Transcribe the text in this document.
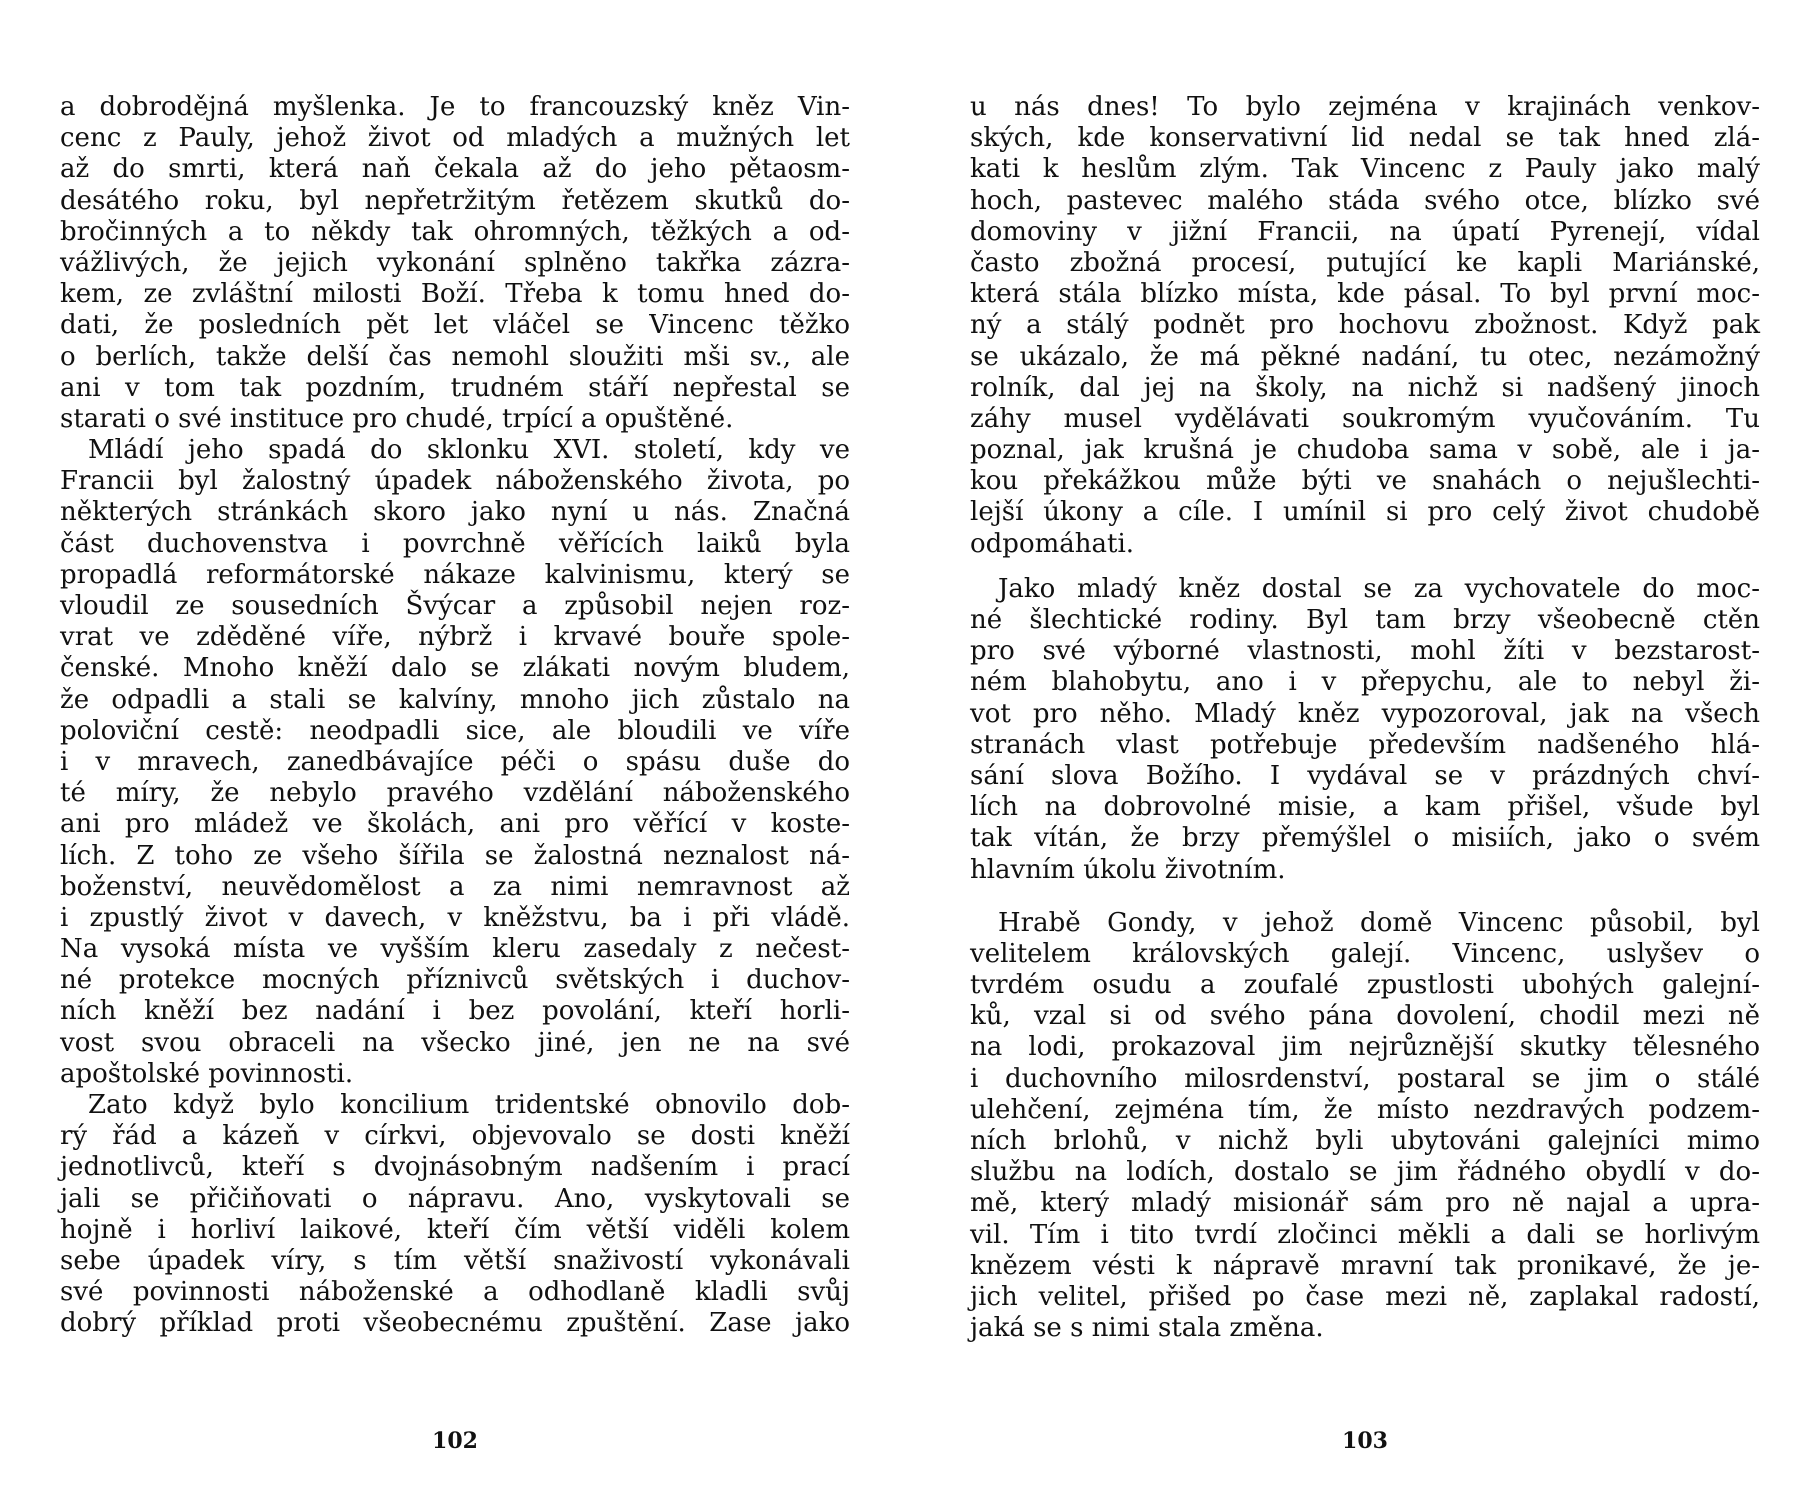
a dobrodějná myšlenka. Je to francouzský kněz Vin-
cenc z Pauly, jehož život od mladých a mužných let
až do smrti, která naň čekala až do jeho pětaosm-
desátého roku, byl nepřetržitým řetězem skutků do-
bročinných a to někdy tak ohromných, těžkých a od-
vážlivých, že jejich vykonání splněno takřka zázra-
kem, ze zvláštní milosti Boží. Třeba k tomu hned do-
dati, že posledních pět let vláčel se Vincenc těžko
o berlích, takže delší čas nemohl sloužiti mši sv., ale
ani v tom tak pozdním, trudném stáří nepřestal se
starati o své instituce pro chudé, trpící a opuštěné.
Mládí jeho spadá do sklonku XVI. století, kdy ve
Francii byl žalostný úpadek náboženského života, po
některých stránkách skoro jako nyní u nás. Značná
část duchovenstva i povrchně věřících laiků byla
propadlá reformátorské nákaze kalvinismu, který se
vloudil ze sousedních Švýcar a způsobil nejen roz-
vrat ve zděděné víře, nýbrž i krvavé bouře spole-
čenské. Mnoho kněží dalo se zlákati novým bludem,
že odpadli a stali se kalvíny, mnoho jich zůstalo na
poloviční cestě: neodpadli sice, ale bloudili ve víře
i v mravech, zanedbávajíce péči o spásu duše do
té míry, že nebylo pravého vzdělání náboženského
ani pro mládež ve školách, ani pro věřící v koste-
lích. Z toho ze všeho šířila se žalostná neznalost ná-
boženství, neuvědomělost a za nimi nemravnost až
i zpustlý život v davech, v kněžstvu, ba i při vládě.
Na vysoká místa ve vyšším kleru zasedaly z nečest-
né protekce mocných příznivců světských i duchov-
ních kněží bez nadání i bez povolání, kteří horli-
vost svou obraceli na všecko jiné, jen ne na své
apoštolské povinnosti.
Zato když bylo koncilium tridentské obnovilo dob-
rý řád a kázeň v církvi, objevovalo se dosti kněží
jednotlivců, kteří s dvojnásobným nadšením i prací
jali se přičiňovati o nápravu. Ano, vyskytovali se
hojně i horliví laikové, kteří čím větší viděli kolem
sebe úpadek víry, s tím větší snaživostí vykonávali
své povinnosti náboženské a odhodlaně kladli svůj
dobrý příklad proti všeobecnému zpuštění. Zase jako
102
u nás dnes! To bylo zejména v krajinách venkov-
ských, kde konservativní lid nedal se tak hned zlá-
kati k heslům zlým. Tak Vincenc z Pauly jako malý
hoch, pastevec malého stáda svého otce, blízko své
domoviny v jižní Francii, na úpatí Pyrenejí, vídal
často zbožná procesí, putující ke kapli Mariánské,
která stála blízko místa, kde pásal. To byl první moc-
ný a stálý podnět pro hochovu zbožnost. Když pak
se ukázalo, že má pěkné nadání, tu otec, nezámožný
rolník, dal jej na školy, na nichž si nadšený jinoch
záhy musel vydělávati soukromým vyučováním. Tu
poznal, jak krušná je chudoba sama v sobě, ale i ja-
kou překážkou může býti ve snahách o nejušlechti-
lejší úkony a cíle. I umínil si pro celý život chudobě
odpomáhati.
Jako mladý kněz dostal se za vychovatele do moc-
né šlechtické rodiny. Byl tam brzy všeobecně ctěn
pro své výborné vlastnosti, mohl žíti v bezstarost-
ném blahobytu, ano i v přepychu, ale to nebyl ži-
vot pro něho. Mladý kněz vypozoroval, jak na všech
stranách vlast potřebuje především nadšeného hlá-
sání slova Božího. I vydával se v prázdných chví-
lích na dobrovolné misie, a kam přišel, všude byl
tak vítán, že brzy přemýšlel o misiích, jako o svém
hlavním úkolu životním.
Hrabě Gondy, v jehož domě Vincenc působil, byl
velitelem královských galejí. Vincenc, uslyšev o
tvrdém osudu a zoufalé zpustlosti ubohých galejní-
ků, vzal si od svého pána dovolení, chodil mezi ně
na lodi, prokazoval jim nejrůznější skutky tělesného
i duchovního milosrdenství, postaral se jim o stálé
ulehčení, zejména tím, že místo nezdravých podzem-
ních brlohů, v nichž byli ubytováni galejníci mimo
službu na lodích, dostalo se jim řádného obydlí v do-
mě, který mladý misionář sám pro ně najal a upra-
vil. Tím i tito tvrdí zločinci měkli a dali se horlivým
knězem vésti k nápravě mravní tak pronikavé, že je-
jich velitel, přišed po čase mezi ně, zaplakal radostí,
jaká se s nimi stala změna.
103
